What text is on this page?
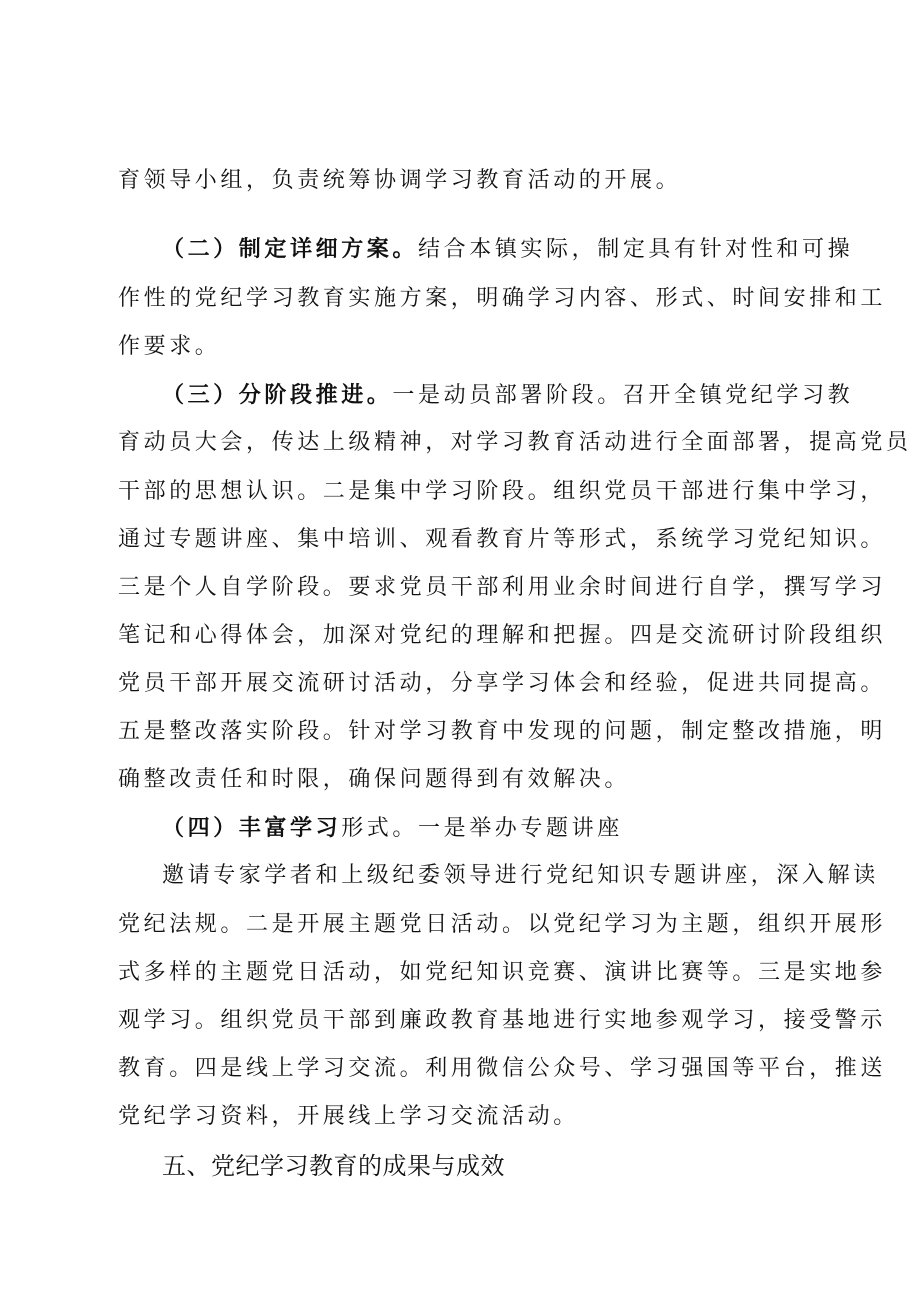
育领导小组，负责统筹协调学习教育活动的开展。
（二）制定详细方案。结合本镇实际，制定具有针对性和可操
作性的党纪学习教育实施方案，明确学习内容、形式、时间安排和工
作要求。
（三）分阶段推进。一是动员部署阶段。召开全镇党纪学习教
育动员大会，传达上级精神，对学习教育活动进行全面部署，提高党员
干部的思想认识。二是集中学习阶段。组织党员干部进行集中学习，
通过专题讲座、集中培训、观看教育片等形式，系统学习党纪知识。
三是个人自学阶段。要求党员干部利用业余时间进行自学，撰写学习
笔记和心得体会，加深对党纪的理解和把握。四是交流研讨阶段组织
党员干部开展交流研讨活动，分享学习体会和经验，促进共同提高。
五是整改落实阶段。针对学习教育中发现的问题，制定整改措施，明
确整改责任和时限，确保问题得到有效解决。
（四）丰富学习形式。一是举办专题讲座
邀请专家学者和上级纪委领导进行党纪知识专题讲座，深入解读
党纪法规。二是开展主题党日活动。以党纪学习为主题，组织开展形
式多样的主题党日活动，如党纪知识竞赛、演讲比赛等。三是实地参
观学习。组织党员干部到廉政教育基地进行实地参观学习，接受警示
教育。四是线上学习交流。利用微信公众号、学习强国等平台，推送
党纪学习资料，开展线上学习交流活动。
五、党纪学习教育的成果与成效
